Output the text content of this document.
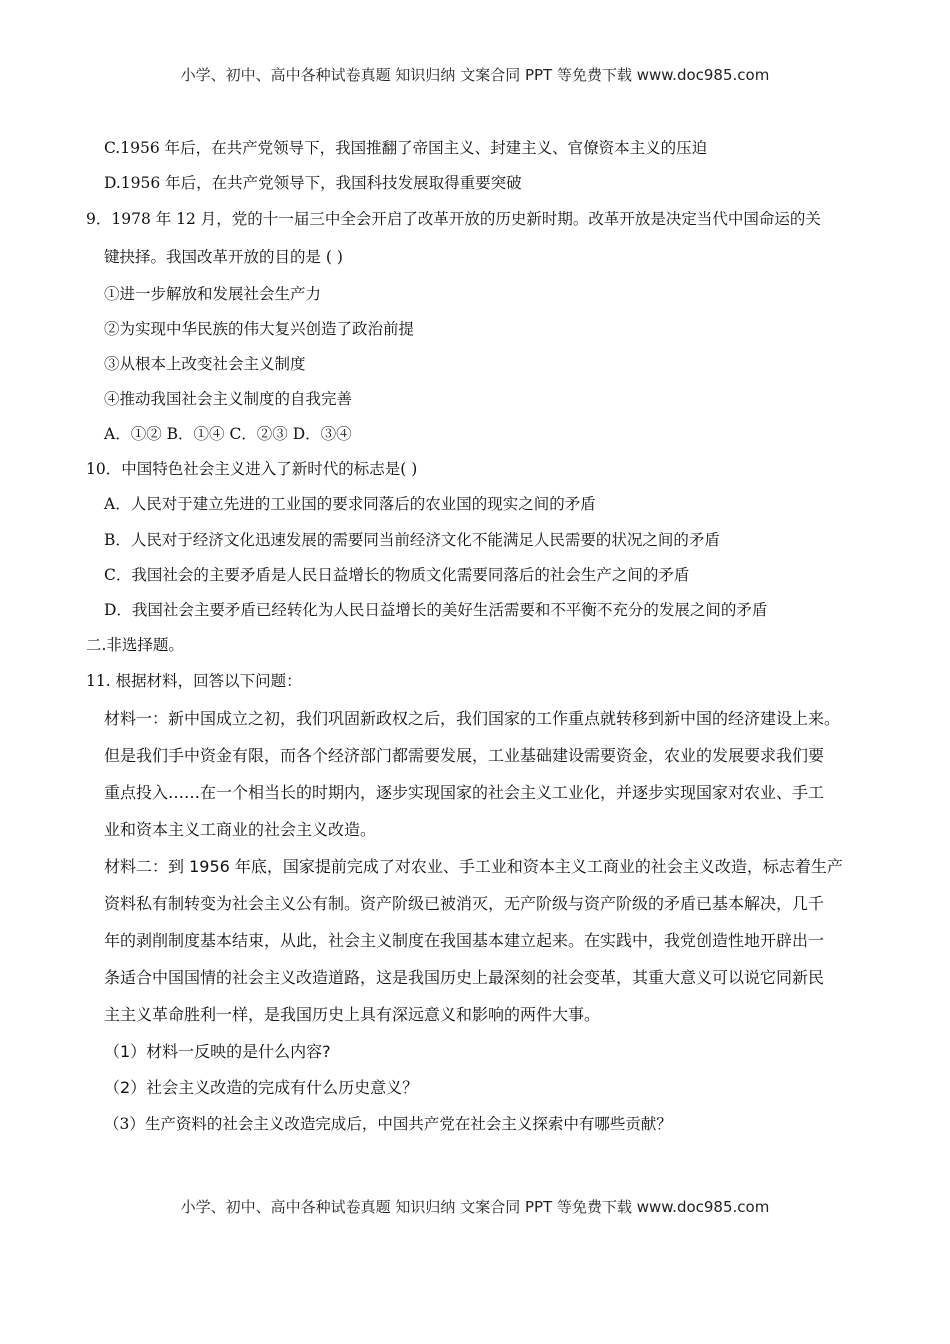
小学、初中、高中各种试卷真题 知识归纳 文案合同 PPT 等免费下载 www.doc985.com
C.1956 年后，在共产党领导下，我国推翻了帝国主义、封建主义、官僚资本主义的压迫
D.1956 年后，在共产党领导下，我国科技发展取得重要突破
9．1978 年 12 月，党的十一届三中全会开启了改革开放的历史新时期。改革开放是决定当代中国命运的关
键抉择。我国改革开放的目的是 ( )
①进一步解放和发展社会生产力
②为实现中华民族的伟大复兴创造了政治前提
③从根本上改变社会主义制度
④推动我国社会主义制度的自我完善
A．①② B．①④ C．②③ D．③④
10．中国特色社会主义进入了新时代的标志是( )
A．人民对于建立先进的工业国的要求同落后的农业国的现实之间的矛盾
B．人民对于经济文化迅速发展的需要同当前经济文化不能满足人民需要的状况之间的矛盾
C．我国社会的主要矛盾是人民日益增长的物质文化需要同落后的社会生产之间的矛盾
D．我国社会主要矛盾已经转化为人民日益增长的美好生活需要和不平衡不充分的发展之间的矛盾
二.非选择题。
11. 根据材料，回答以下问题：
材料一：新中国成立之初，我们巩固新政权之后，我们国家的工作重点就转移到新中国的经济建设上来。
但是我们手中资金有限，而各个经济部门都需要发展，工业基础建设需要资金，农业的发展要求我们要
重点投入……在一个相当长的时期内，逐步实现国家的社会主义工业化，并逐步实现国家对农业、手工
业和资本主义工商业的社会主义改造。
材料二：到 1956 年底，国家提前完成了对农业、手工业和资本主义工商业的社会主义改造，标志着生产
资料私有制转变为社会主义公有制。资产阶级已被消灭，无产阶级与资产阶级的矛盾已基本解决，几千
年的剥削制度基本结束，从此，社会主义制度在我国基本建立起来。在实践中，我党创造性地开辟出一
条适合中国国情的社会主义改造道路，这是我国历史上最深刻的社会变革，其重大意义可以说它同新民
主主义革命胜利一样，是我国历史上具有深远意义和影响的两件大事。
（1）材料一反映的是什么内容?
（2）社会主义改造的完成有什么历史意义？
（3）生产资料的社会主义改造完成后，中国共产党在社会主义探索中有哪些贡献？
小学、初中、高中各种试卷真题 知识归纳 文案合同 PPT 等免费下载 www.doc985.com
